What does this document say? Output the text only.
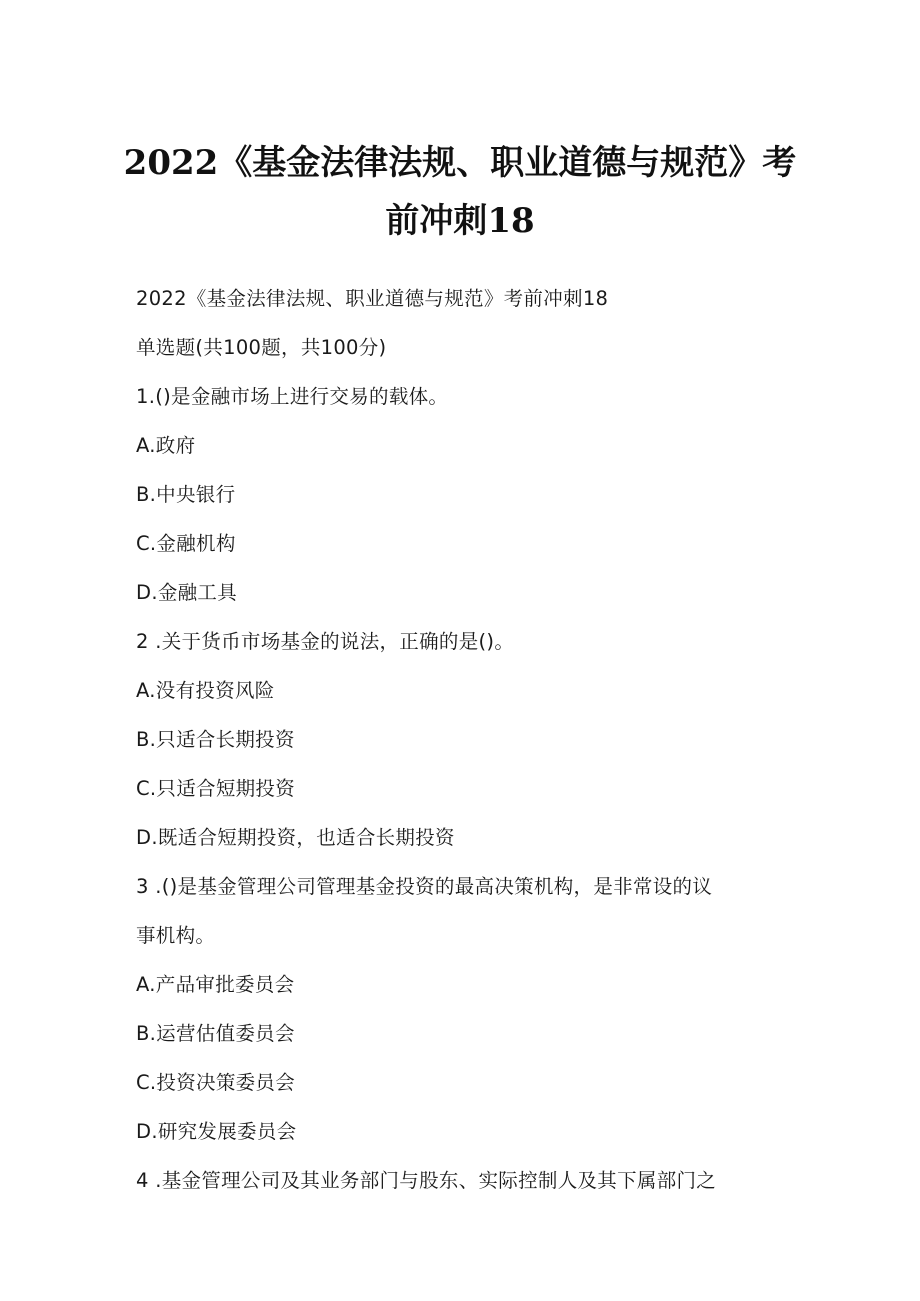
2022《基金法律法规、职业道德与规范》考
前冲刺18
2022《基金法律法规、职业道德与规范》考前冲刺18
单选题(共100题，共100分)
1.()是金融市场上进行交易的载体。
A.政府
B.中央银行
C.金融机构
D.金融工具
2 .关于货币市场基金的说法，正确的是()。
A.没有投资风险
B.只适合长期投资
C.只适合短期投资
D.既适合短期投资，也适合长期投资
3 .()是基金管理公司管理基金投资的最高决策机构，是非常设的议
事机构。
A.产品审批委员会
B.运营估值委员会
C.投资决策委员会
D.研究发展委员会
4 .基金管理公司及其业务部门与股东、实际控制人及其下属部门之
